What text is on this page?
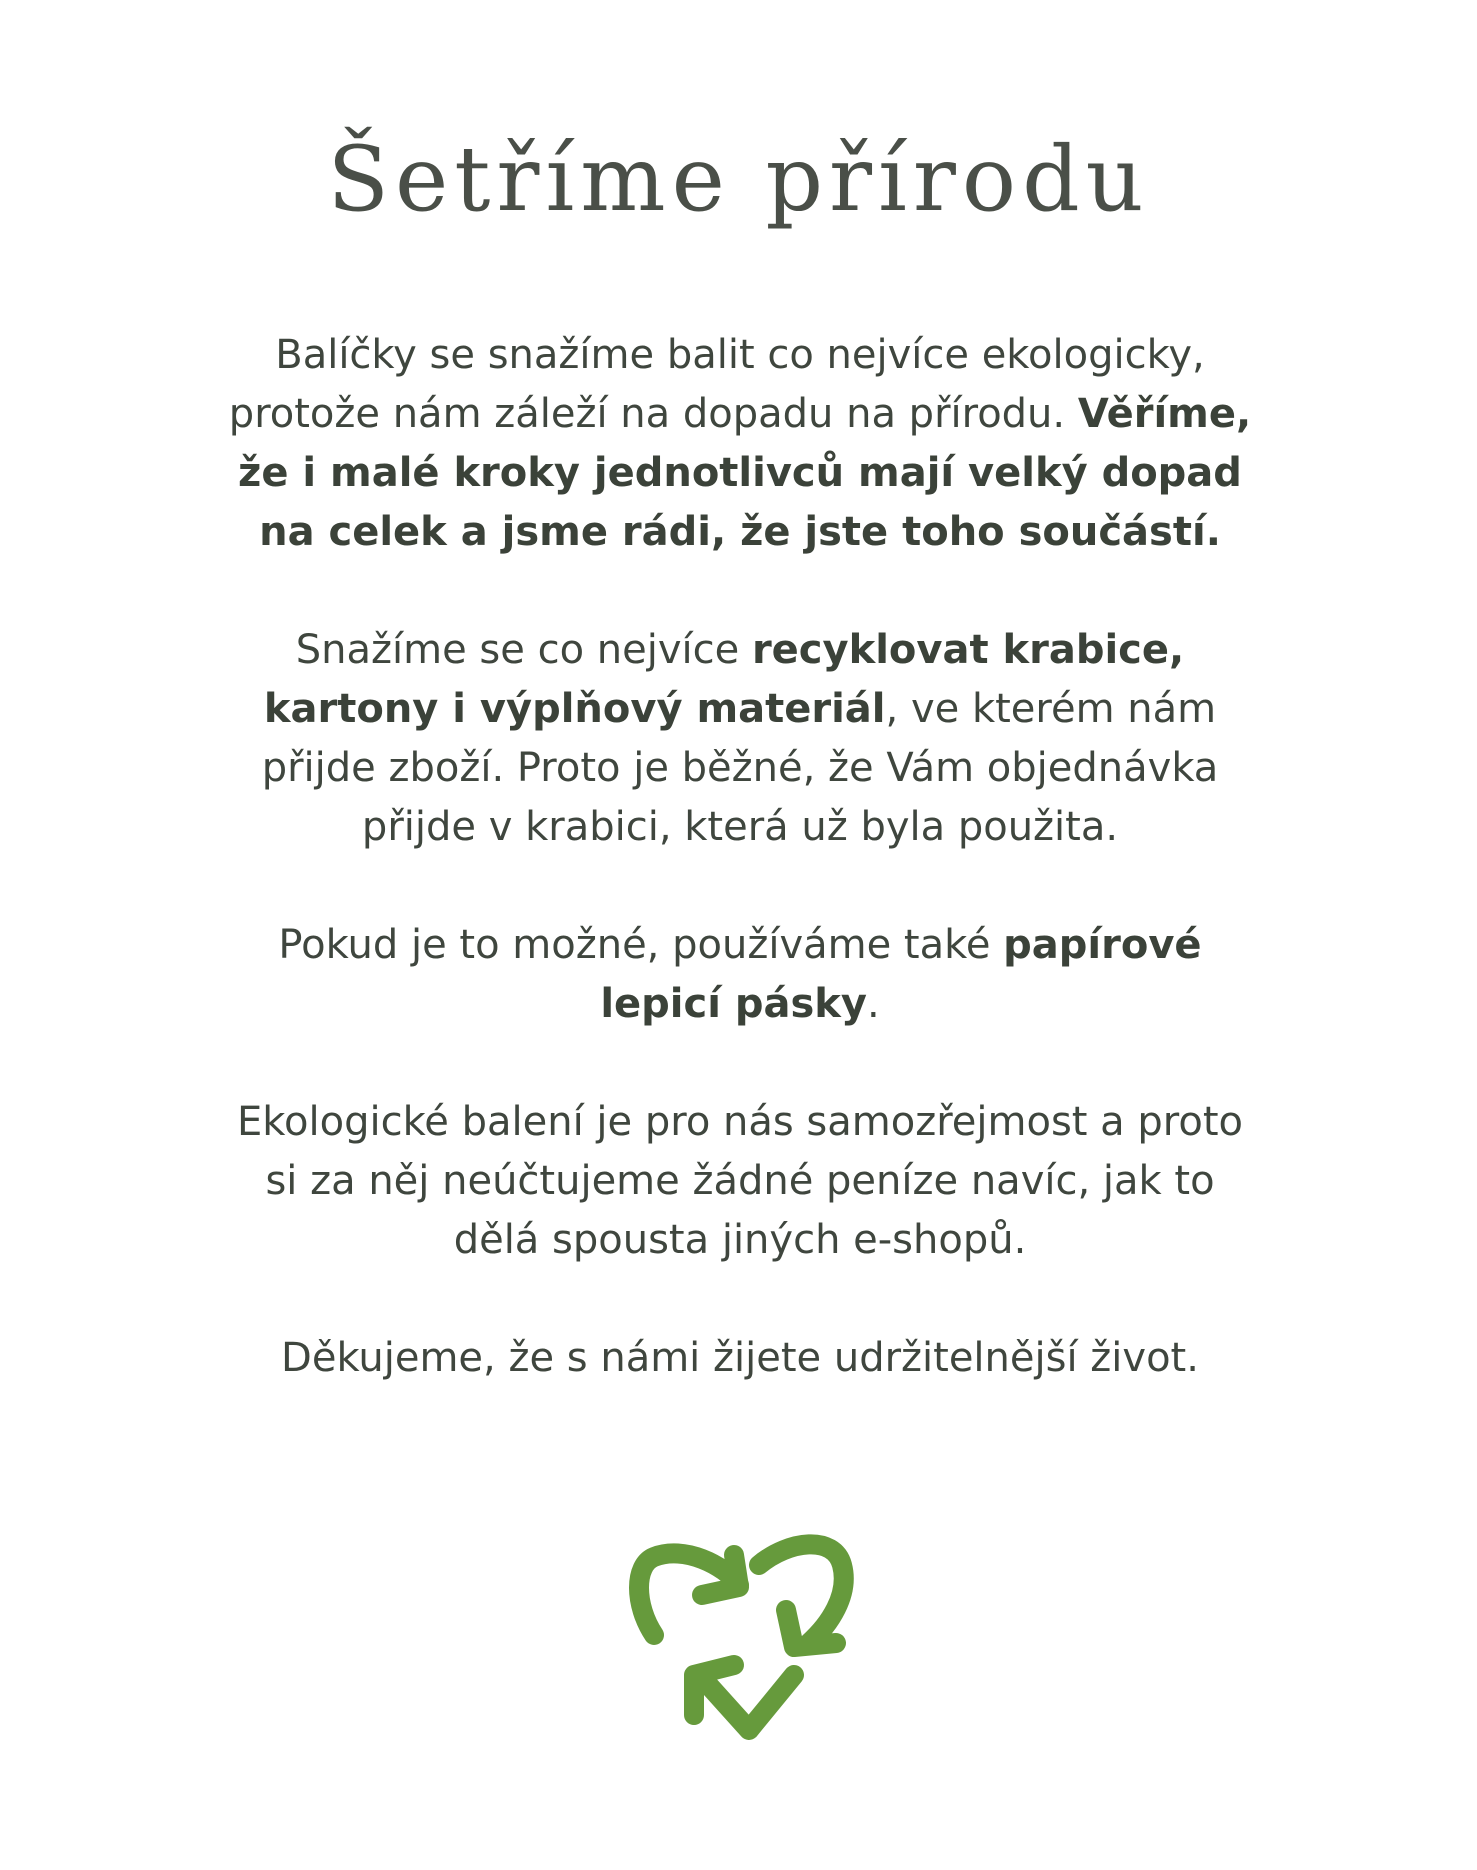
Šetříme přírodu

Balíčky se snažíme balit co nejvíce ekologicky, protože nám záleží na dopadu na přírodu. Věříme, že i malé kroky jednotlivců mají velký dopad na celek a jsme rádi, že jste toho součástí.

Snažíme se co nejvíce recyklovat krabice, kartony i výplňový materiál, ve kterém nám přijde zboží. Proto je běžné, že Vám objednávka přijde v krabici, která už byla použita.

Pokud je to možné, používáme také papírové lepicí pásky.

Ekologické balení je pro nás samozřejmost a proto si za něj neúčtujeme žádné peníze navíc, jak to dělá spousta jiných e-shopů.

Děkujeme, že s námi žijete udržitelnější život.
